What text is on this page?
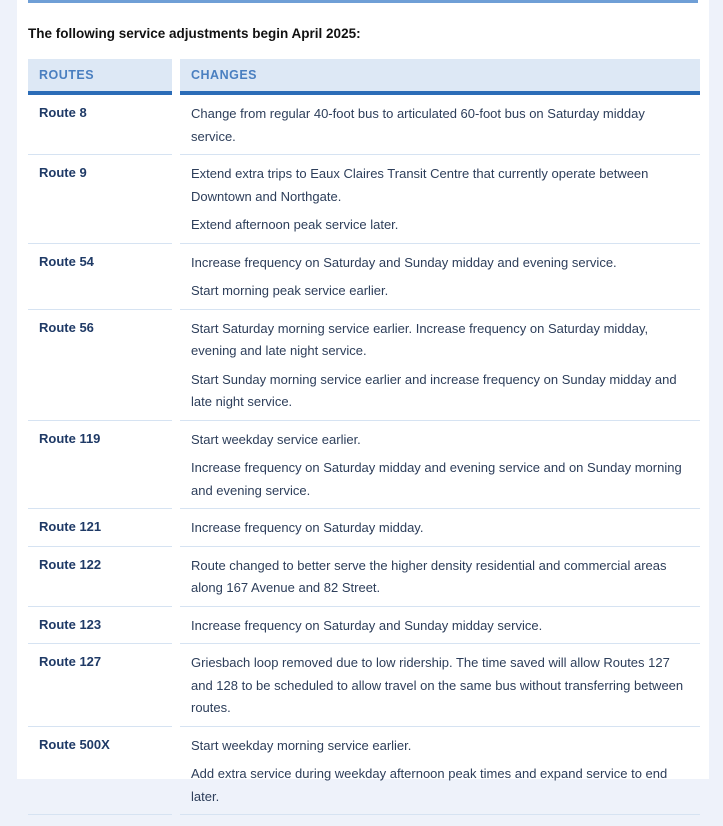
The following service adjustments begin April 2025:
ROUTES	CHANGES
Route 8	Change from regular 40-foot bus to articulated 60-foot bus on Saturday midday service.

Route 9	Extend extra trips to Eaux Claires Transit Centre that currently operate between Downtown and Northgate.

Extend afternoon peak service later.

Route 54	Increase frequency on Saturday and Sunday midday and evening service.

Start morning peak service earlier.

Route 56	Start Saturday morning service earlier. Increase frequency on Saturday midday, evening and late night service.

Start Sunday morning service earlier and increase frequency on Sunday midday and late night service.

Route 119	Start weekday service earlier.

Increase frequency on Saturday midday and evening service and on Sunday morning and evening service.

Route 121	Increase frequency on Saturday midday.

Route 122	Route changed to better serve the higher density residential and commercial areas along 167 Avenue and 82 Street.

Route 123	Increase frequency on Saturday and Sunday midday service.

Route 127	Griesbach loop removed due to low ridership. The time saved will allow Routes 127 and 128 to be scheduled to allow travel on the same bus without transferring between routes.

Route 500X	Start weekday morning service earlier.

Add extra service during weekday afternoon peak times and expand service to end later.
